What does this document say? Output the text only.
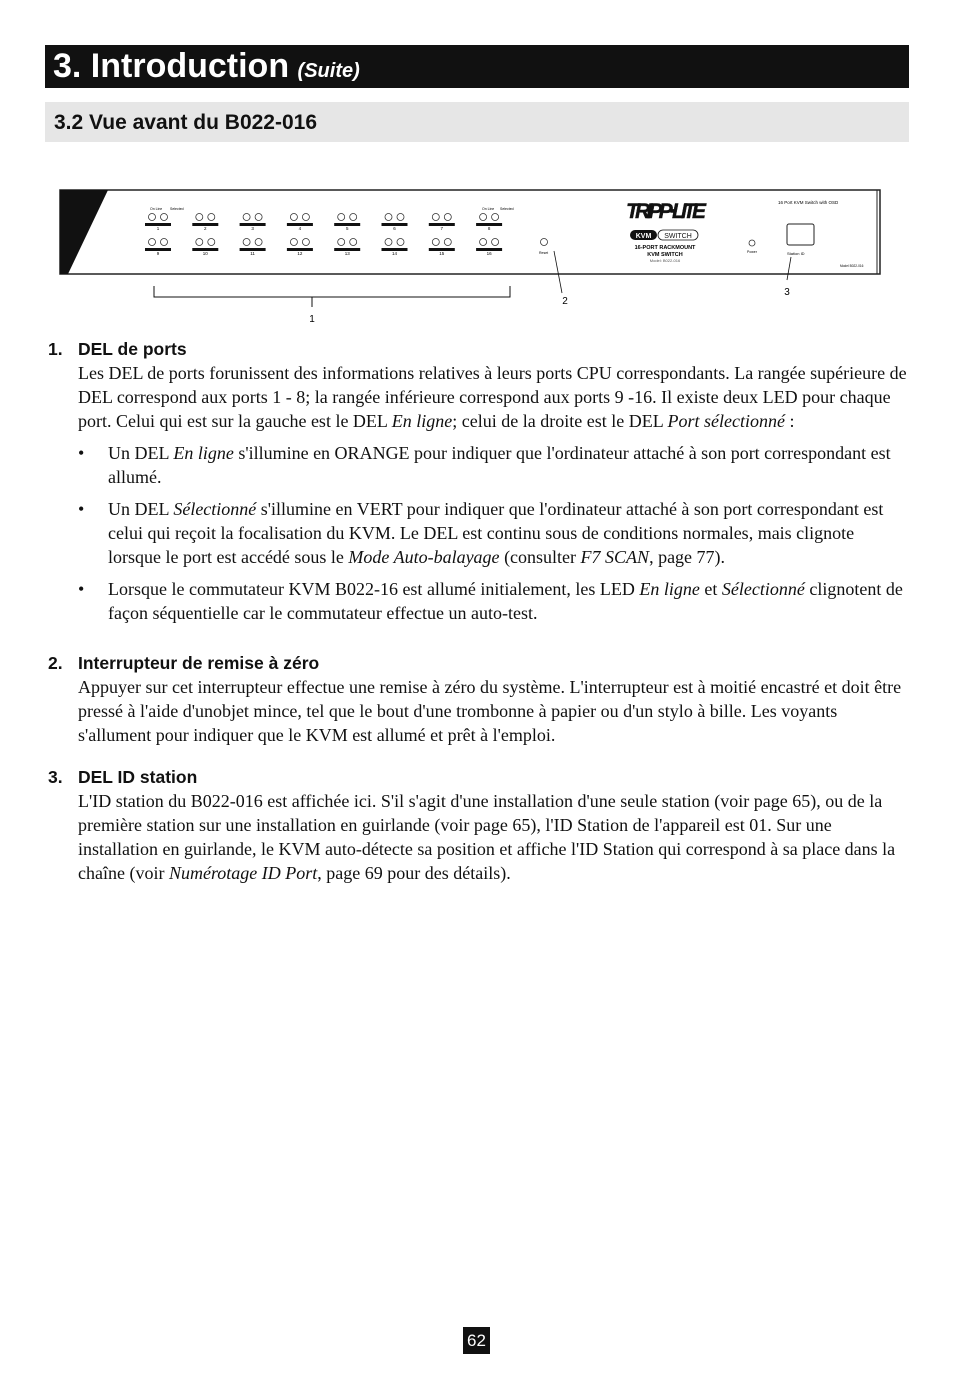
3. Introduction (Suite)
3.2 Vue avant du B022-016
1	2	3	4	5	6	7	8
9	10	11	12	13	14	15	16
On Line Selected	On Line Selected
Reset
TRIPP·LITE
KVM SWITCH
16-PORT RACKMOUNT
KVM SWITCH
Model: B022-016
Power
16 Port KVM Switch with OSD
Station ID
Model B022-016
1
2
3
1. DEL de ports
Les DEL de ports forunissent des informations relatives à leurs ports CPU correspondants. La rangée supérieure de DEL correspond aux ports 1 - 8; la rangée inférieure correspond aux ports 9 -16. Il existe deux LED pour chaque port. Celui qui est sur la gauche est le DEL En ligne; celui de la droite est le DEL Port sélectionné :
• Un DEL En ligne s'illumine en ORANGE pour indiquer que l'ordinateur attaché à son port correspondant est allumé.
• Un DEL Sélectionné s'illumine en VERT pour indiquer que l'ordinateur attaché à son port correspondant est celui qui reçoit la focalisation du KVM. Le DEL est continu sous de conditions normales, mais clignote lorsque le port est accédé sous le Mode Auto-balayage (consulter F7 SCAN, page 77).
• Lorsque le commutateur KVM B022-16 est allumé initialement, les LED En ligne et Sélectionné clignotent de façon séquentielle car le commutateur effectue un auto-test.
2. Interrupteur de remise à zéro
Appuyer sur cet interrupteur effectue une remise à zéro du système. L'interrupteur est à moitié encastré et doit être pressé à l'aide d'unobjet mince, tel que le bout d'une trombonne à papier ou d'un stylo à bille. Les voyants s'allument pour indiquer que le KVM est allumé et prêt à l'emploi.
3. DEL ID station
L'ID station du B022-016 est affichée ici. S'il s'agit d'une installation d'une seule station (voir page 65), ou de la première station sur une installation en guirlande (voir page 65), l'ID Station de l'appareil est 01. Sur une installation en guirlande, le KVM auto-détecte sa position et affiche l'ID Station qui correspond à sa place dans la chaîne (voir Numérotage ID Port, page 69 pour des détails).
62
